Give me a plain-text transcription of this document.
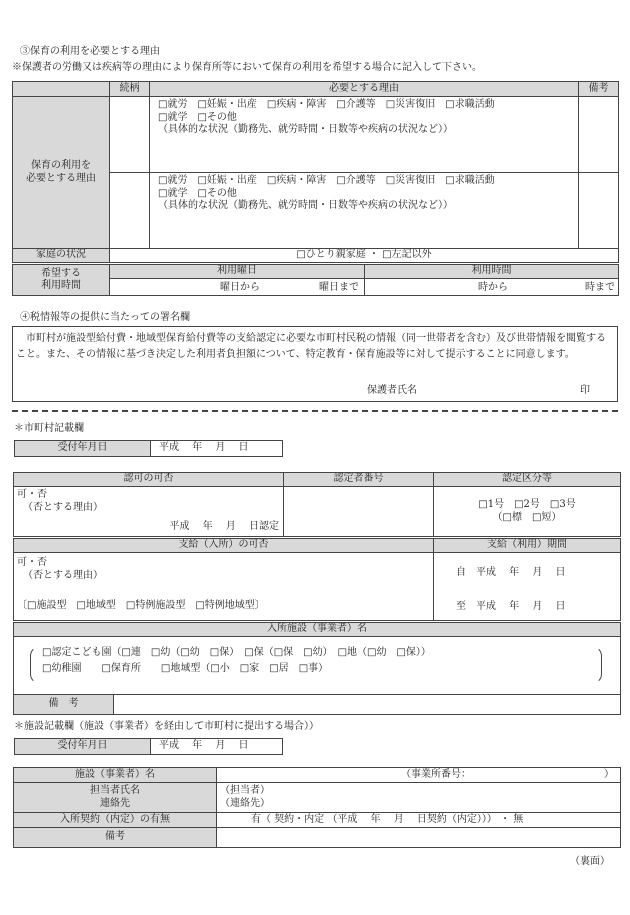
③保育の利用を必要とする理由
※保護者の労働又は疾病等の理由により保育所等において保育の利用を希望する場合に記入して下さい。
	続柄	必要とする理由	備考

保育の利用を
必要とする理由		□就労　□妊娠・出産　□疾病・障害　□介護等　□災害復旧　□求職活動
□就学　□その他
（具体的な状況（勤務先、就労時間・日数等や疾病の状況など））	

		□就労　□妊娠・出産　□疾病・障害　□介護等　□災害復旧　□求職活動
□就学　□その他
（具体的な状況（勤務先、就労時間・日数等や疾病の状況など））	

家庭の状況	□ひとり親家庭 ・ □左記以外		
希望する
利用時間	利用曜日	利用時間

	曜日から 曜日まで	時から 時まで
④税情報等の提供に当たっての署名欄
市町村が施設型給付費・地域型保育給付費等の支給認定に必要な市町村民税の情報（同一世帯者を含む）及び世帯情報を閲覧すること。また、その情報に基づき決定した利用者負担額について、特定教育・保育施設等に対して提示することに同意します。
保護者氏名	印
＊市町村記載欄
受付年月日	平成　 年　 月　 日
認可の可否	認定者番号	認定区分等

可・否
（否とする理由）
平成　 年　 月　 日認定		□1号　□2号　□3号
（□標　□短）
支給（入所）の可否	支給（利用）期間

可・否
（否とする理由）
〔□施設型　□地域型　□特例施設型　□特例地域型〕	自　平成　 年　 月　 日
至　平成　 年　 月　 日
入所施設（事業者）名

□認定こども園（□連　□幼（□幼　□保）　□保（□保　□幼）　□地（□幼　□保））
□幼稚園　　□保育所　　□地域型（□小　□家　□居　□事）

備　考	
＊施設記載欄（施設（事業者）を経由して市町村に提出する場合））
受付年月日	平成　 年　 月　 日
施設（事業者）名	（事業所番号： ）

担当者氏名
連絡先	（担当者）
（連絡先）

入所契約（内定）の有無	有（ 契約・内定 （平成　 年　 月　 日契約（内定））） ・ 無
備考	
（裏面）
